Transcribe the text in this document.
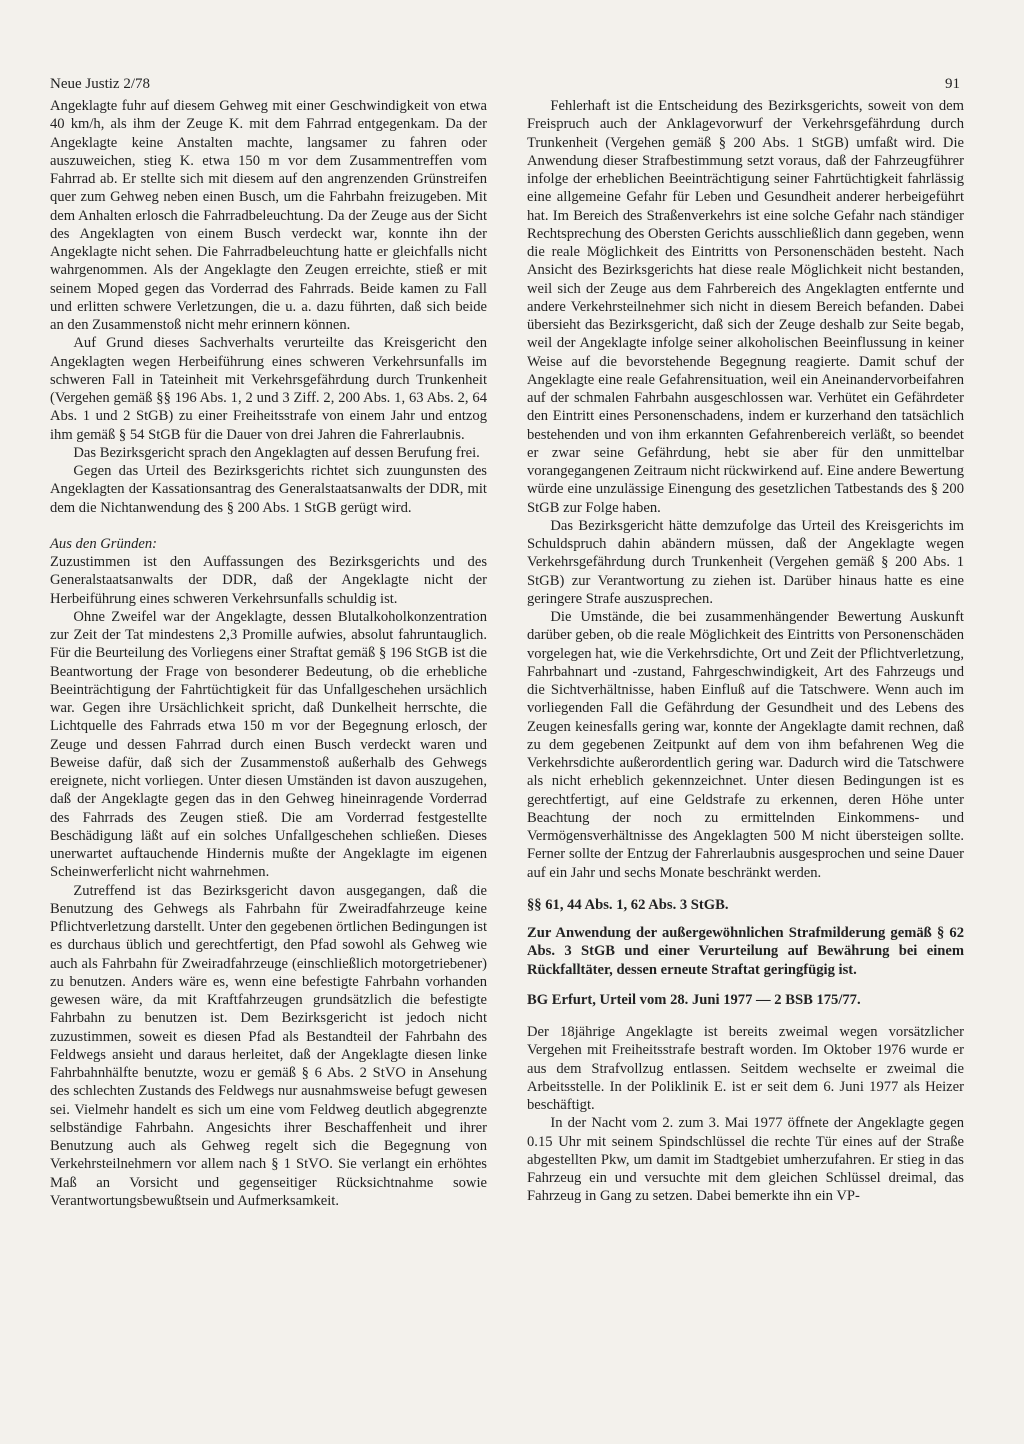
Neue Justiz 2/78	91

Angeklagte fuhr auf diesem Gehweg mit einer Geschwindigkeit von etwa 40 km/h, als ihm der Zeuge K. mit dem Fahrrad entgegenkam. Da der Angeklagte keine Anstalten machte, langsamer zu fahren oder auszuweichen, stieg K. etwa 150 m vor dem Zusammentreffen vom Fahrrad ab. Er stellte sich mit diesem auf den angrenzenden Grünstreifen quer zum Gehweg neben einen Busch, um die Fahrbahn freizugeben. Mit dem Anhalten erlosch die Fahrradbeleuchtung. Da der Zeuge aus der Sicht des Angeklagten von einem Busch verdeckt war, konnte ihn der Angeklagte nicht sehen. Die Fahrradbeleuchtung hatte er gleichfalls nicht wahrgenommen. Als der Angeklagte den Zeugen erreichte, stieß er mit seinem Moped gegen das Vorderrad des Fahrrads. Beide kamen zu Fall und erlitten schwere Verletzungen, die u. a. dazu führten, daß sich beide an den Zusammenstoß nicht mehr erinnern können.

Auf Grund dieses Sachverhalts verurteilte das Kreisgericht den Angeklagten wegen Herbeiführung eines schweren Verkehrsunfalls im schweren Fall in Tateinheit mit Verkehrsgefährdung durch Trunkenheit (Vergehen gemäß §§ 196 Abs. 1, 2 und 3 Ziff. 2, 200 Abs. 1, 63 Abs. 2, 64 Abs. 1 und 2 StGB) zu einer Freiheitsstrafe von einem Jahr und entzog ihm gemäß § 54 StGB für die Dauer von drei Jahren die Fahrerlaubnis.

Das Bezirksgericht sprach den Angeklagten auf dessen Berufung frei.

Gegen das Urteil des Bezirksgerichts richtet sich zuungunsten des Angeklagten der Kassationsantrag des Generalstaatsanwalts der DDR, mit dem die Nichtanwendung des § 200 Abs. 1 StGB gerügt wird.

Aus den Gründen:

Zuzustimmen ist den Auffassungen des Bezirksgerichts und des Generalstaatsanwalts der DDR, daß der Angeklagte nicht der Herbeiführung eines schweren Verkehrsunfalls schuldig ist.

Ohne Zweifel war der Angeklagte, dessen Blutalkoholkonzentration zur Zeit der Tat mindestens 2,3 Promille aufwies, absolut fahruntauglich. Für die Beurteilung des Vorliegens einer Straftat gemäß § 196 StGB ist die Beantwortung der Frage von besonderer Bedeutung, ob die erhebliche Beeinträchtigung der Fahrtüchtigkeit für das Unfallgeschehen ursächlich war. Gegen ihre Ursächlichkeit spricht, daß Dunkelheit herrschte, die Lichtquelle des Fahrrads etwa 150 m vor der Begegnung erlosch, der Zeuge und dessen Fahrrad durch einen Busch verdeckt waren und Beweise dafür, daß sich der Zusammenstoß außerhalb des Gehwegs ereignete, nicht vorliegen. Unter diesen Umständen ist davon auszugehen, daß der Angeklagte gegen das in den Gehweg hineinragende Vorderrad des Fahrrads des Zeugen stieß. Die am Vorderrad festgestellte Beschädigung läßt auf ein solches Unfallgeschehen schließen. Dieses unerwartet auftauchende Hindernis mußte der Angeklagte im eigenen Scheinwerferlicht nicht wahrnehmen.

Zutreffend ist das Bezirksgericht davon ausgegangen, daß die Benutzung des Gehwegs als Fahrbahn für Zweiradfahrzeuge keine Pflichtverletzung darstellt. Unter den gegebenen örtlichen Bedingungen ist es durchaus üblich und gerechtfertigt, den Pfad sowohl als Gehweg wie auch als Fahrbahn für Zweiradfahrzeuge (einschließlich motorgetriebener) zu benutzen. Anders wäre es, wenn eine befestigte Fahrbahn vorhanden gewesen wäre, da mit Kraftfahrzeugen grundsätzlich die befestigte Fahrbahn zu benutzen ist. Dem Bezirksgericht ist jedoch nicht zuzustimmen, soweit es diesen Pfad als Bestandteil der Fahrbahn des Feldwegs ansieht und daraus herleitet, daß der Angeklagte diesen linke Fahrbahnhälfte benutzte, wozu er gemäß § 6 Abs. 2 StVO in Ansehung des schlechten Zustands des Feldwegs nur ausnahmsweise befugt gewesen sei. Vielmehr handelt es sich um eine vom Feldweg deutlich abgegrenzte selbständige Fahrbahn. Angesichts ihrer Beschaffenheit und ihrer Benutzung auch als Gehweg regelt sich die Begegnung von Verkehrsteilnehmern vor allem nach § 1 StVO. Sie verlangt ein erhöhtes Maß an Vorsicht und gegenseitiger Rücksichtnahme sowie Verantwortungsbewußtsein und Aufmerksamkeit.

Fehlerhaft ist die Entscheidung des Bezirksgerichts, soweit von dem Freispruch auch der Anklagevorwurf der Verkehrsgefährdung durch Trunkenheit (Vergehen gemäß § 200 Abs. 1 StGB) umfaßt wird. Die Anwendung dieser Strafbestimmung setzt voraus, daß der Fahrzeugführer infolge der erheblichen Beeinträchtigung seiner Fahrtüchtigkeit fahrlässig eine allgemeine Gefahr für Leben und Gesundheit anderer herbeigeführt hat. Im Bereich des Straßenverkehrs ist eine solche Gefahr nach ständiger Rechtsprechung des Obersten Gerichts ausschließlich dann gegeben, wenn die reale Möglichkeit des Eintritts von Personenschäden besteht. Nach Ansicht des Bezirksgerichts hat diese reale Möglichkeit nicht bestanden, weil sich der Zeuge aus dem Fahrbereich des Angeklagten entfernte und andere Verkehrsteilnehmer sich nicht in diesem Bereich befanden. Dabei übersieht das Bezirksgericht, daß sich der Zeuge deshalb zur Seite begab, weil der Angeklagte infolge seiner alkoholischen Beeinflussung in keiner Weise auf die bevorstehende Begegnung reagierte. Damit schuf der Angeklagte eine reale Gefahrensituation, weil ein Aneinandervorbeifahren auf der schmalen Fahrbahn ausgeschlossen war. Verhütet ein Gefährdeter den Eintritt eines Personenschadens, indem er kurzerhand den tatsächlich bestehenden und von ihm erkannten Gefahrenbereich verläßt, so beendet er zwar seine Gefährdung, hebt sie aber für den unmittelbar vorangegangenen Zeitraum nicht rückwirkend auf. Eine andere Bewertung würde eine unzulässige Einengung des gesetzlichen Tatbestands des § 200 StGB zur Folge haben.

Das Bezirksgericht hätte demzufolge das Urteil des Kreisgerichts im Schuldspruch dahin abändern müssen, daß der Angeklagte wegen Verkehrsgefährdung durch Trunkenheit (Vergehen gemäß § 200 Abs. 1 StGB) zur Verantwortung zu ziehen ist. Darüber hinaus hatte es eine geringere Strafe auszusprechen.

Die Umstände, die bei zusammenhängender Bewertung Auskunft darüber geben, ob die reale Möglichkeit des Eintritts von Personenschäden vorgelegen hat, wie die Verkehrsdichte, Ort und Zeit der Pflichtverletzung, Fahrbahnart und -zustand, Fahrgeschwindigkeit, Art des Fahrzeugs und die Sichtverhältnisse, haben Einfluß auf die Tatschwere. Wenn auch im vorliegenden Fall die Gefährdung der Gesundheit und des Lebens des Zeugen keinesfalls gering war, konnte der Angeklagte damit rechnen, daß zu dem gegebenen Zeitpunkt auf dem von ihm befahrenen Weg die Verkehrsdichte außerordentlich gering war. Dadurch wird die Tatschwere als nicht erheblich gekennzeichnet. Unter diesen Bedingungen ist es gerechtfertigt, auf eine Geldstrafe zu erkennen, deren Höhe unter Beachtung der noch zu ermittelnden Einkommens- und Vermögensverhältnisse des Angeklagten 500 M nicht übersteigen sollte. Ferner sollte der Entzug der Fahrerlaubnis ausgesprochen und seine Dauer auf ein Jahr und sechs Monate beschränkt werden.

§§ 61, 44 Abs. 1, 62 Abs. 3 StGB.
Zur Anwendung der außergewöhnlichen Strafmilderung gemäß § 62 Abs. 3 StGB und einer Verurteilung auf Bewährung bei einem Rückfalltäter, dessen erneute Straftat geringfügig ist.
BG Erfurt, Urteil vom 28. Juni 1977 — 2 BSB 175/77.

Der 18jährige Angeklagte ist bereits zweimal wegen vorsätzlicher Vergehen mit Freiheitsstrafe bestraft worden. Im Oktober 1976 wurde er aus dem Strafvollzug entlassen. Seitdem wechselte er zweimal die Arbeitsstelle. In der Poliklinik E. ist er seit dem 6. Juni 1977 als Heizer beschäftigt.

In der Nacht vom 2. zum 3. Mai 1977 öffnete der Angeklagte gegen 0.15 Uhr mit seinem Spindschlüssel die rechte Tür eines auf der Straße abgestellten Pkw, um damit im Stadtgebiet umherzufahren. Er stieg in das Fahrzeug ein und versuchte mit dem gleichen Schlüssel dreimal, das Fahrzeug in Gang zu setzen. Dabei bemerkte ihn ein VP-
